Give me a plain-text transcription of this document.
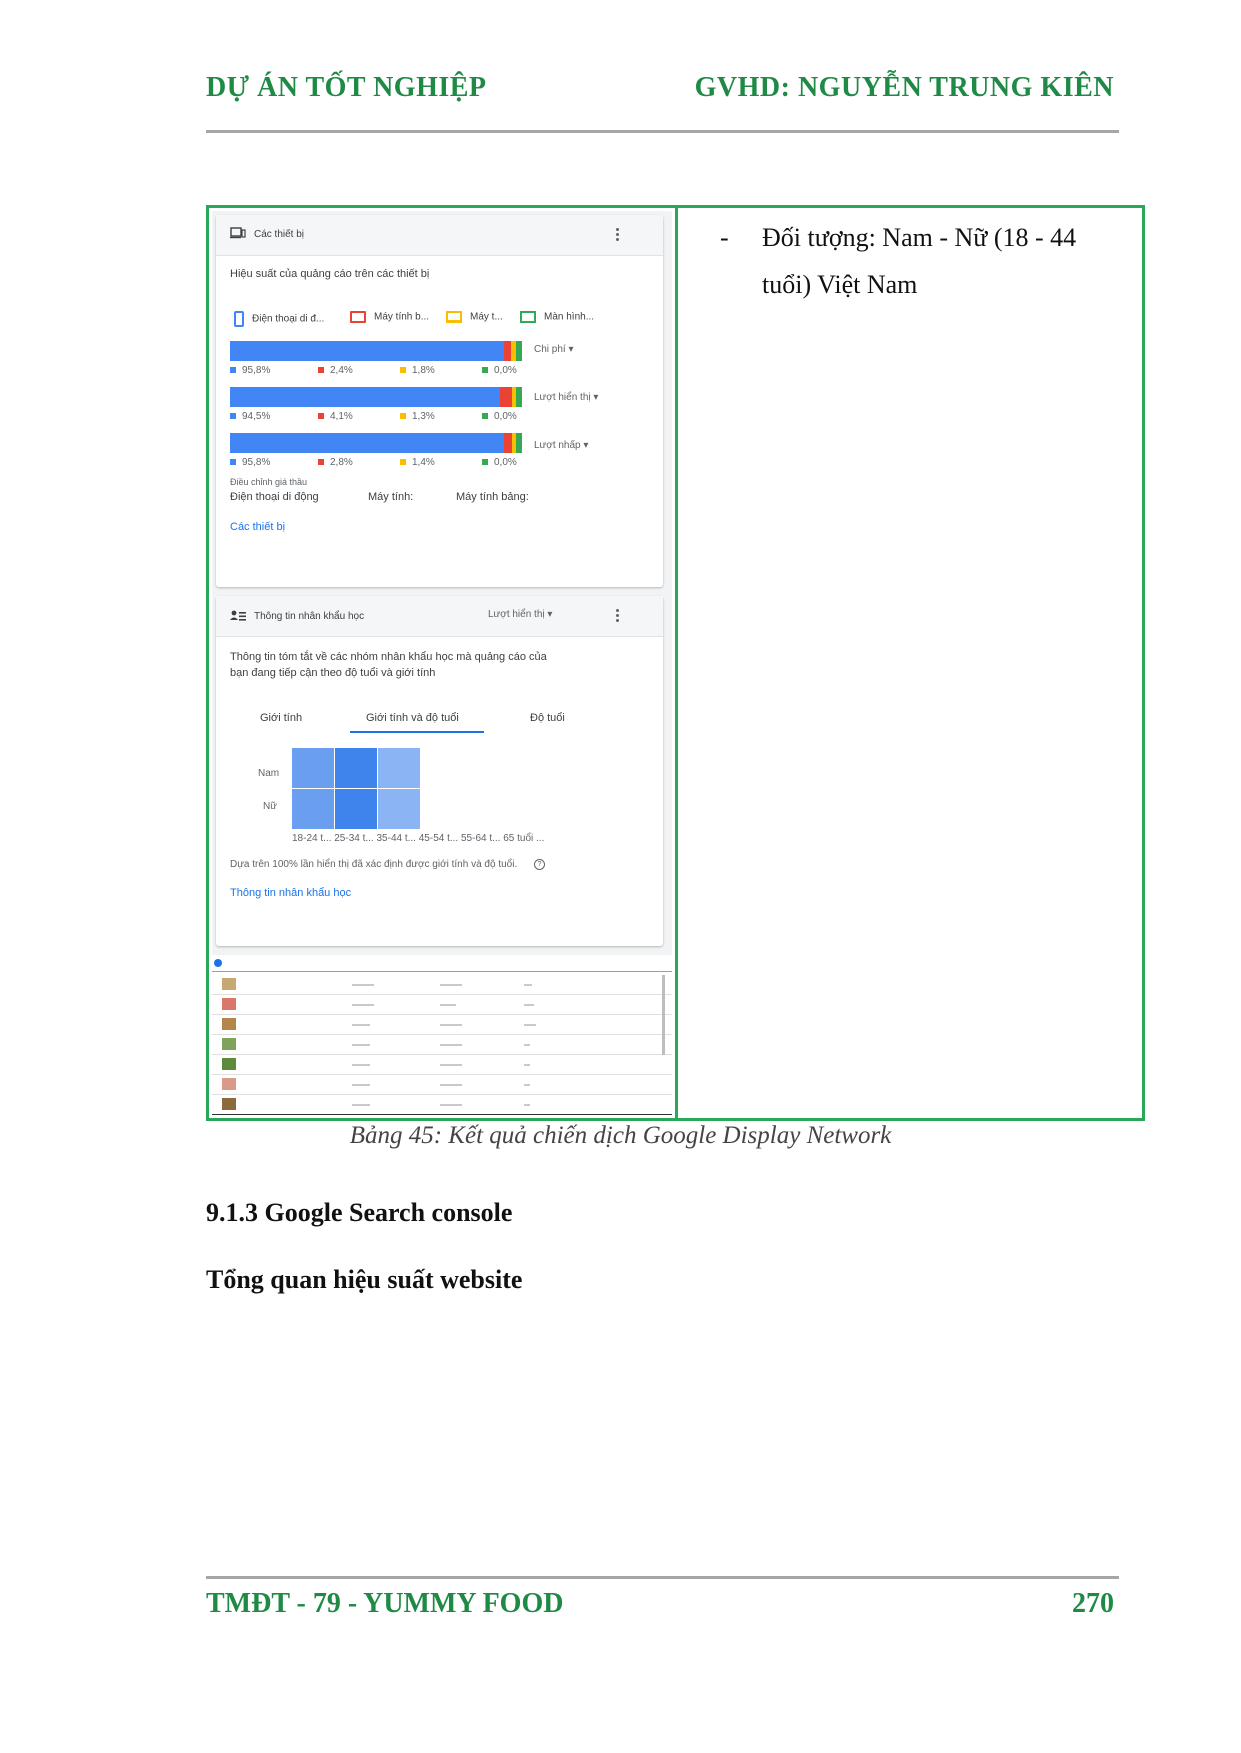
DỰ ÁN TỐT NGHIỆP	GVHD: NGUYỄN TRUNG KIÊN
Các thiết bị
Hiệu suất của quảng cáo trên các thiết bị
Điện thoại di đ...	Máy tính b...	Máy t...	Màn hình...
Chi phí ▾
95,8%	2,4%	1,8%	0,0%
Lượt hiển thị ▾
94,5%	4,1%	1,3%	0,0%
Lượt nhấp ▾
95,8%	2,8%	1,4%	0,0%
Điều chỉnh giá thầu
Điện thoại di động	Máy tính:	Máy tính bảng:
Các thiết bị
Thông tin nhân khẩu học	Lượt hiển thị ▾
Thông tin tóm tắt về các nhóm nhân khẩu học mà quảng cáo của
bạn đang tiếp cận theo độ tuổi và giới tính
Giới tính	Giới tính và độ tuổi	Độ tuổi
Nam
Nữ
18-24 t... 25-34 t... 35-44 t... 45-54 t... 55-64 t... 65 tuổi ...
Dựa trên 100% lần hiển thị đã xác định được giới tính và độ tuổi.	?
Thông tin nhân khẩu học
- Đối tượng: Nam - Nữ (18 - 44 tuổi) Việt Nam
Bảng 45: Kết quả chiến dịch Google Display Network
9.1.3 Google Search console
Tổng quan hiệu suất website
TMĐT - 79 - YUMMY FOOD	270
